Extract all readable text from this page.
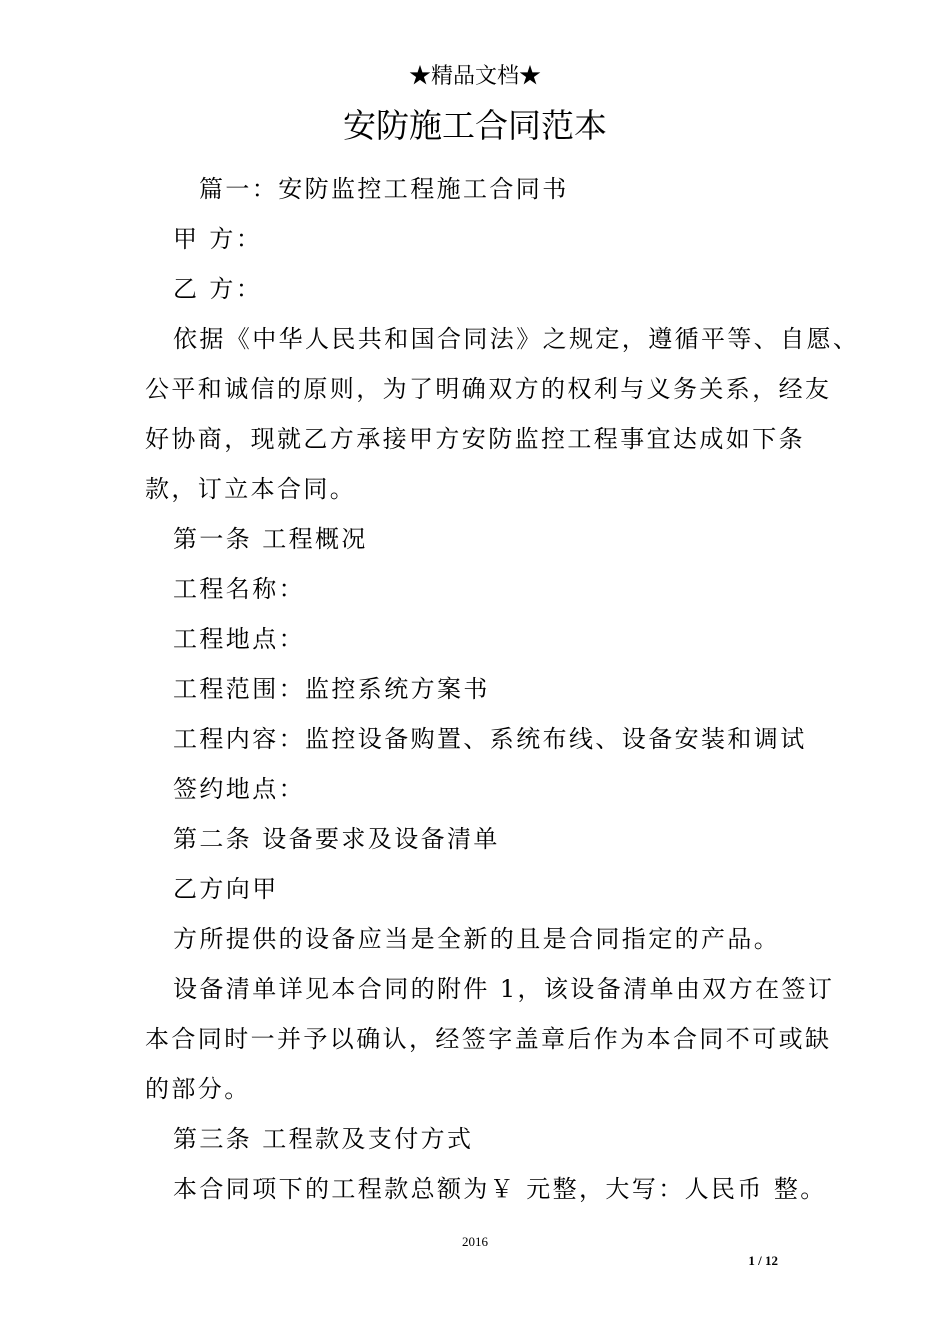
★精品文档★
安防施工合同范本
篇一：安防监控工程施工合同书
甲 方：
乙 方：
依据《中华人民共和国合同法》之规定，遵循平等、自愿、
公平和诚信的原则，为了明确双方的权利与义务关系，经友
好协商，现就乙方承接甲方安防监控工程事宜达成如下条
款，订立本合同。
第一条 工程概况
工程名称：
工程地点：
工程范围：监控系统方案书
工程内容：监控设备购置、系统布线、设备安装和调试
签约地点：
第二条 设备要求及设备清单
乙方向甲
方所提供的设备应当是全新的且是合同指定的产品。
设备清单详见本合同的附件 1，该设备清单由双方在签订
本合同时一并予以确认，经签字盖章后作为本合同不可或缺
的部分。
第三条 工程款及支付方式
本合同项下的工程款总额为￥ 元整，大写：人民币 整。
2016
1 / 12
